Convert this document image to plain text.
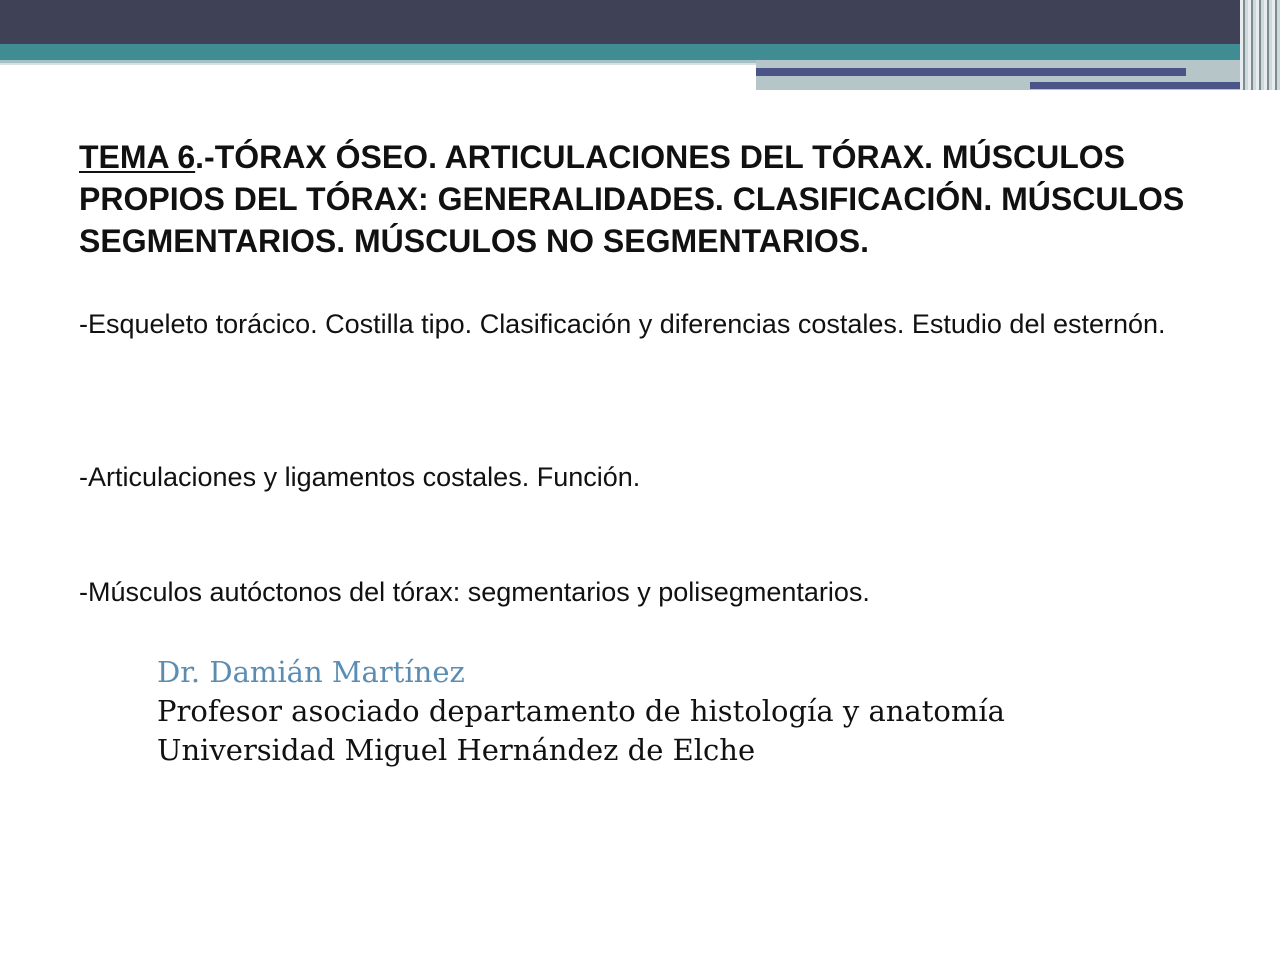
TEMA 6.-TÓRAX ÓSEO. ARTICULACIONES DEL TÓRAX. MÚSCULOS PROPIOS DEL TÓRAX: GENERALIDADES. CLASIFICACIÓN. MÚSCULOS SEGMENTARIOS. MÚSCULOS NO SEGMENTARIOS.

-Esqueleto torácico. Costilla tipo. Clasificación y diferencias costales. Estudio del esternón.

-Articulaciones y ligamentos costales. Función.

-Músculos autóctonos del tórax: segmentarios y polisegmentarios.

Dr. Damián Martínez
Profesor asociado departamento de histología y anatomía
Universidad Miguel Hernández de Elche
